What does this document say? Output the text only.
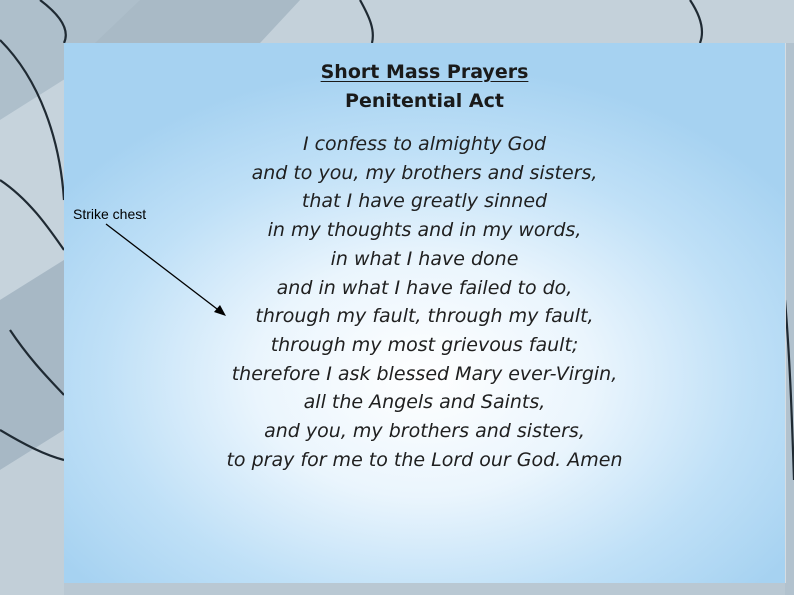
Short Mass Prayers
Penitential Act
I confess to almighty God
and to you, my brothers and sisters,
that I have greatly sinned
in my thoughts and in my words,
in what I have done
and in what I have failed to do,
through my fault, through my fault,
through my most grievous fault;
therefore I ask blessed Mary ever-Virgin,
all the Angels and Saints,
and you, my brothers and sisters,
to pray for me to the Lord our God. Amen
Strike chest
